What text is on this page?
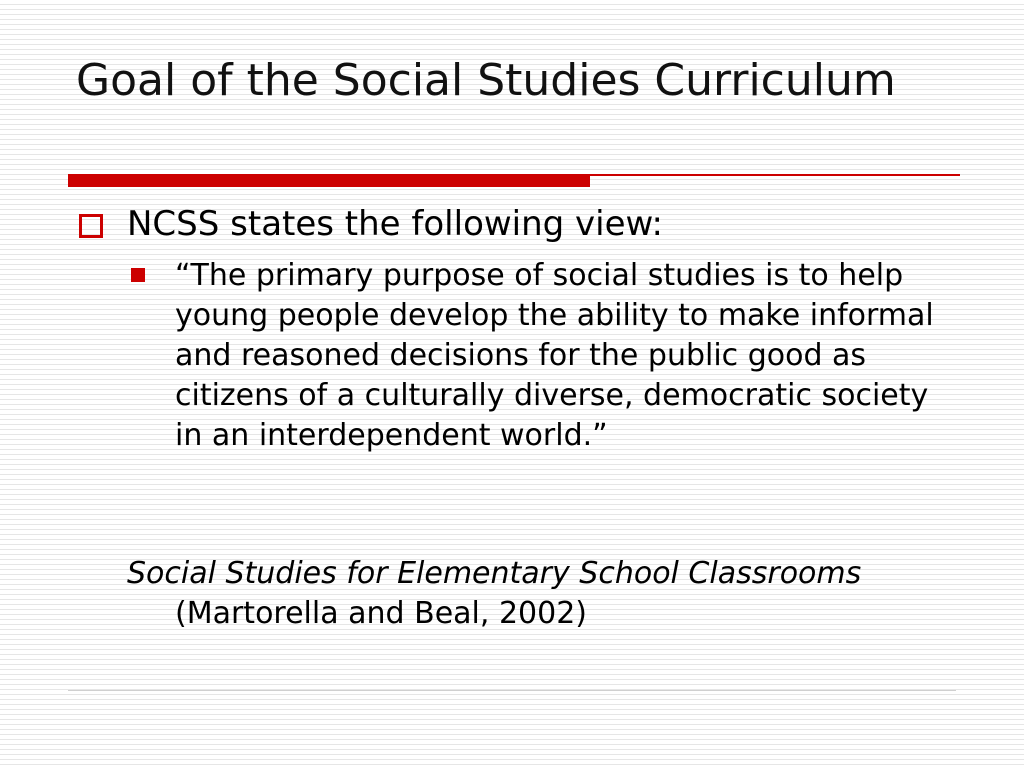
Goal of the Social Studies Curriculum
NCSS states the following view:
“The primary purpose of social studies is to help young people develop the ability to make informal and reasoned decisions for the public good as citizens of a culturally diverse, democratic society in an interdependent world.”
Social Studies for Elementary School Classrooms (Martorella and Beal, 2002)
